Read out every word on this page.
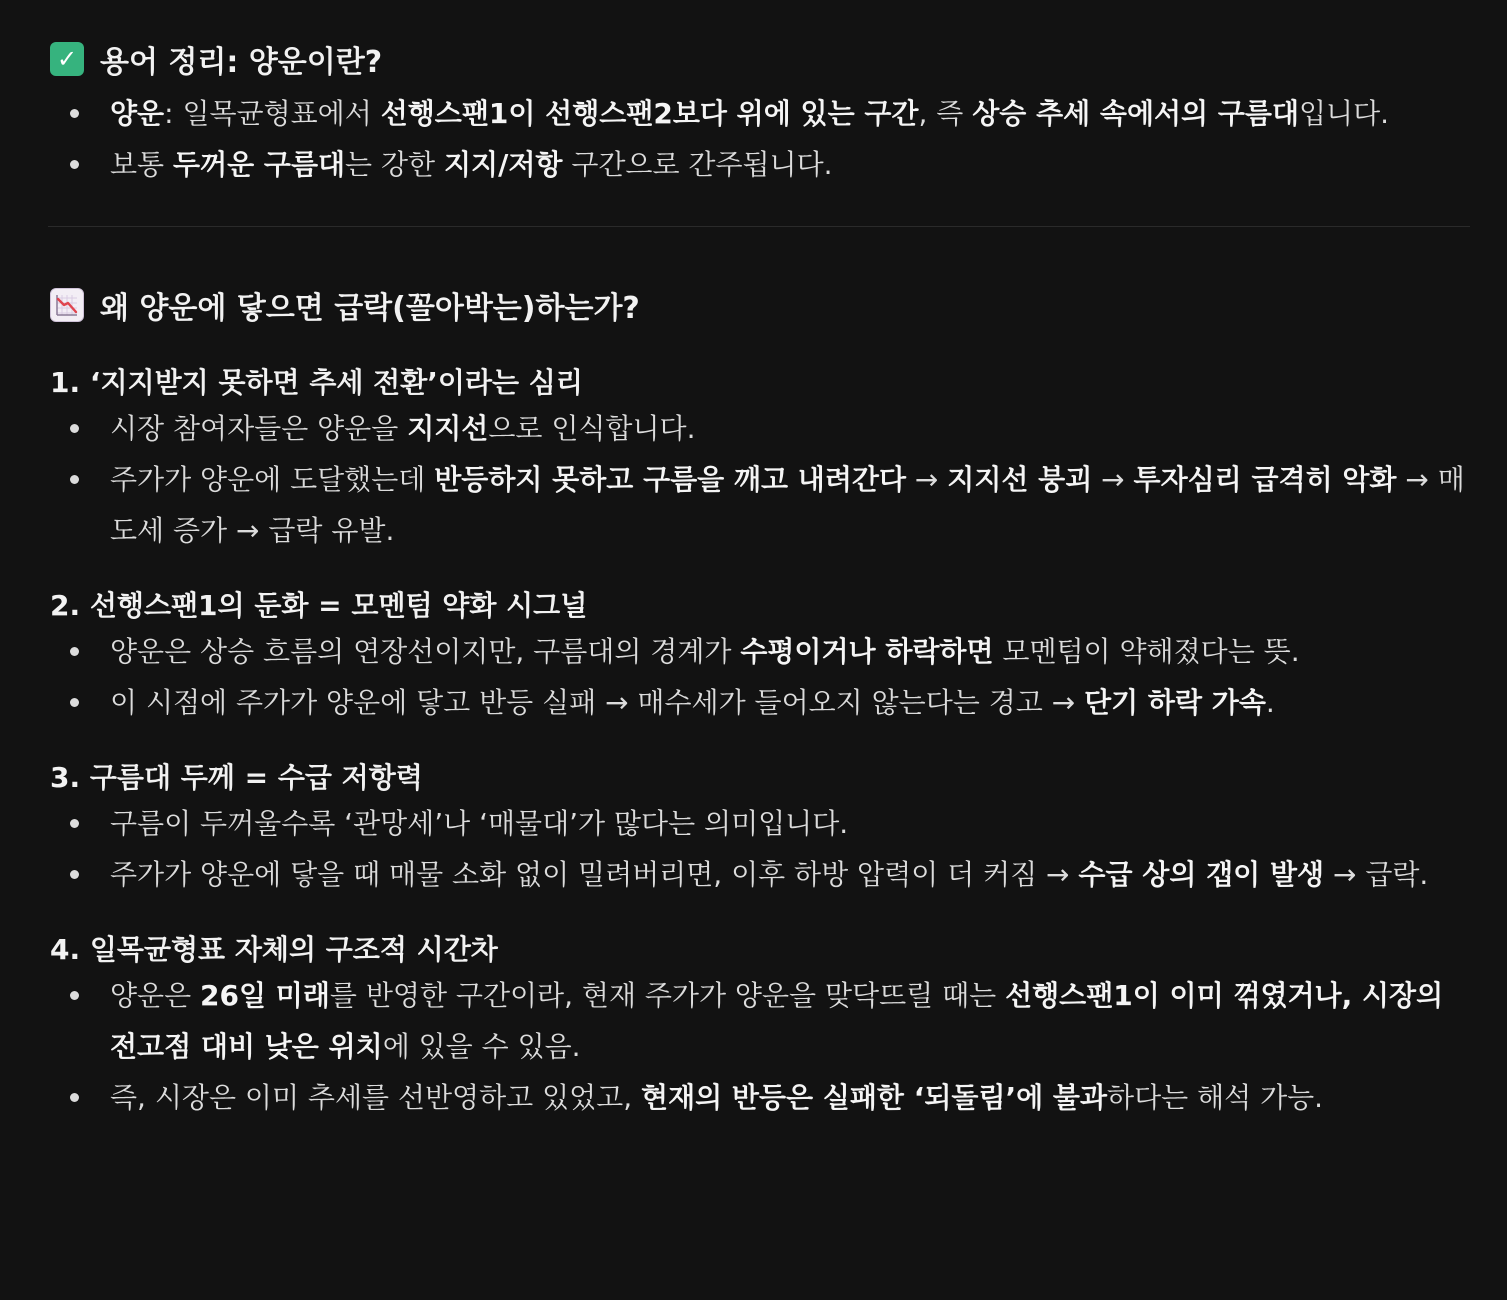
✓ 용어 정리: 양운이란?
양운: 일목균형표에서 선행스팬1이 선행스팬2보다 위에 있는 구간, 즉 상승 추세 속에서의 구름대입니다.
보통 두꺼운 구름대는 강한 지지/저항 구간으로 간주됩니다.
왜 양운에 닿으면 급락(꼴아박는)하는가?
1. ‘지지받지 못하면 추세 전환’이라는 심리
시장 참여자들은 양운을 지지선으로 인식합니다.
주가가 양운에 도달했는데 반등하지 못하고 구름을 깨고 내려간다 → 지지선 붕괴 → 투자심리 급격히 악화 → 매도세 증가 → 급락 유발.
2. 선행스팬1의 둔화 = 모멘텀 약화 시그널
양운은 상승 흐름의 연장선이지만, 구름대의 경계가 수평이거나 하락하면 모멘텀이 약해졌다는 뜻.
이 시점에 주가가 양운에 닿고 반등 실패 → 매수세가 들어오지 않는다는 경고 → 단기 하락 가속.
3. 구름대 두께 = 수급 저항력
구름이 두꺼울수록 ‘관망세’나 ‘매물대’가 많다는 의미입니다.
주가가 양운에 닿을 때 매물 소화 없이 밀려버리면, 이후 하방 압력이 더 커짐 → 수급 상의 갭이 발생 → 급락.
4. 일목균형표 자체의 구조적 시간차
양운은 26일 미래를 반영한 구간이라, 현재 주가가 양운을 맞닥뜨릴 때는 선행스팬1이 이미 꺾였거나, 시장의 전고점 대비 낮은 위치에 있을 수 있음.
즉, 시장은 이미 추세를 선반영하고 있었고, 현재의 반등은 실패한 ‘되돌림’에 불과하다는 해석 가능.
